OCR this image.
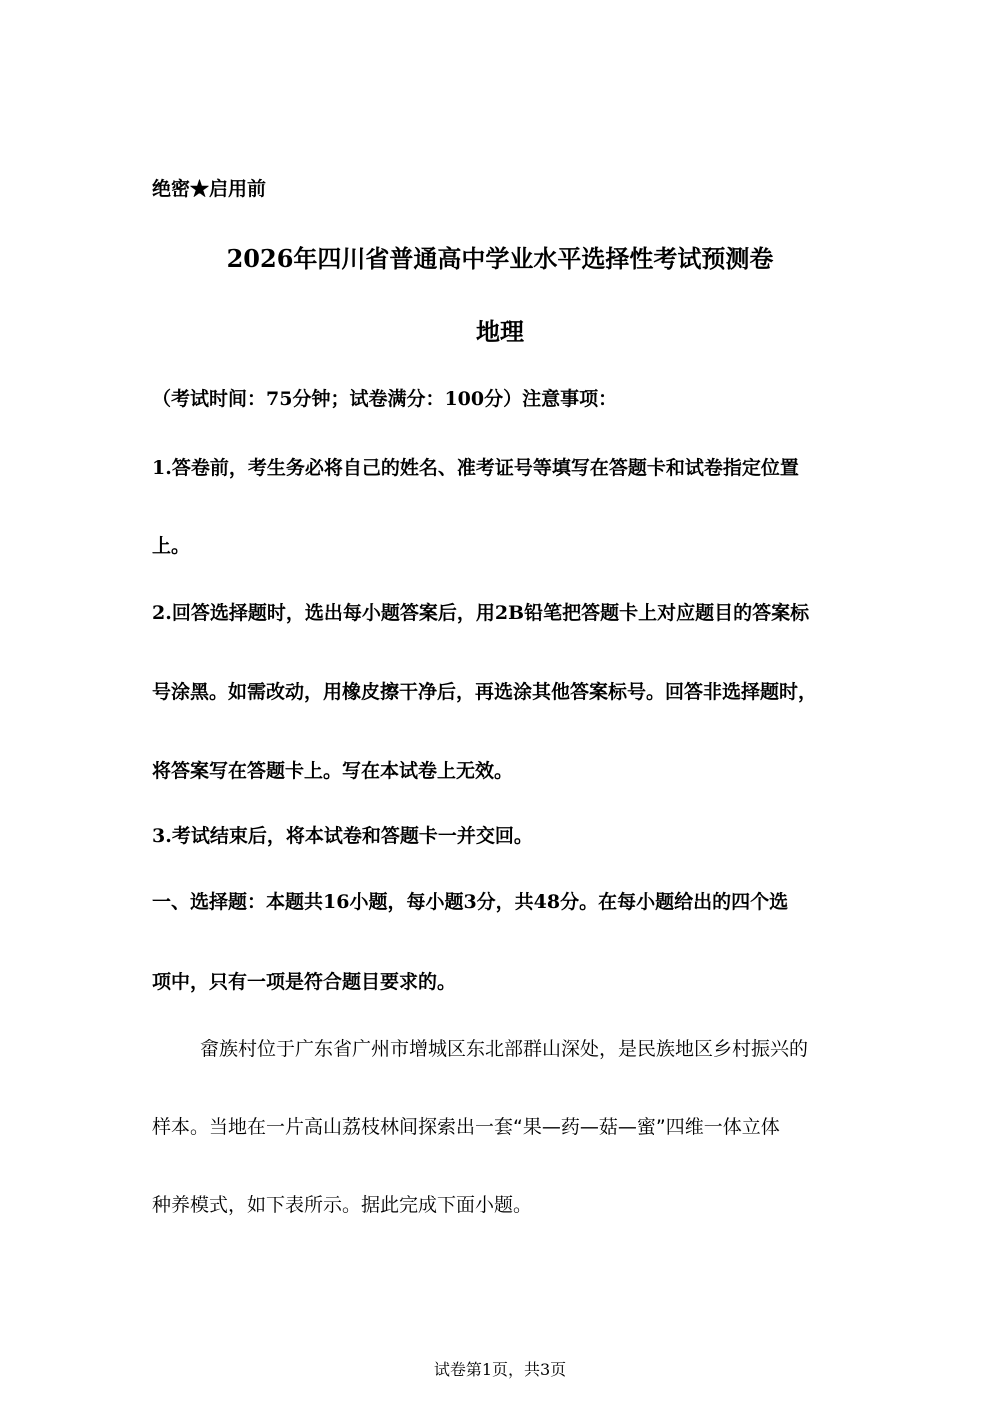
绝密★启用前
2026年四川省普通高中学业水平选择性考试预测卷
地理
（考试时间：75分钟；试卷满分：100分）注意事项：
1.答卷前，考生务必将自己的姓名、准考证号等填写在答题卡和试卷指定位置
上。
2.回答选择题时，选出每小题答案后，用2B铅笔把答题卡上对应题目的答案标
号涂黑。如需改动，用橡皮擦干净后，再选涂其他答案标号。回答非选择题时，
将答案写在答题卡上。写在本试卷上无效。
3.考试结束后，将本试卷和答题卡一并交回。
一、选择题：本题共16小题，每小题3分，共48分。在每小题给出的四个选
项中，只有一项是符合题目要求的。
畲族村位于广东省广州市增城区东北部群山深处，是民族地区乡村振兴的
样本。当地在一片高山荔枝林间探索出一套“果—药—菇—蜜”四维一体立体
种养模式，如下表所示。据此完成下面小题。
试卷第1页，共3页
